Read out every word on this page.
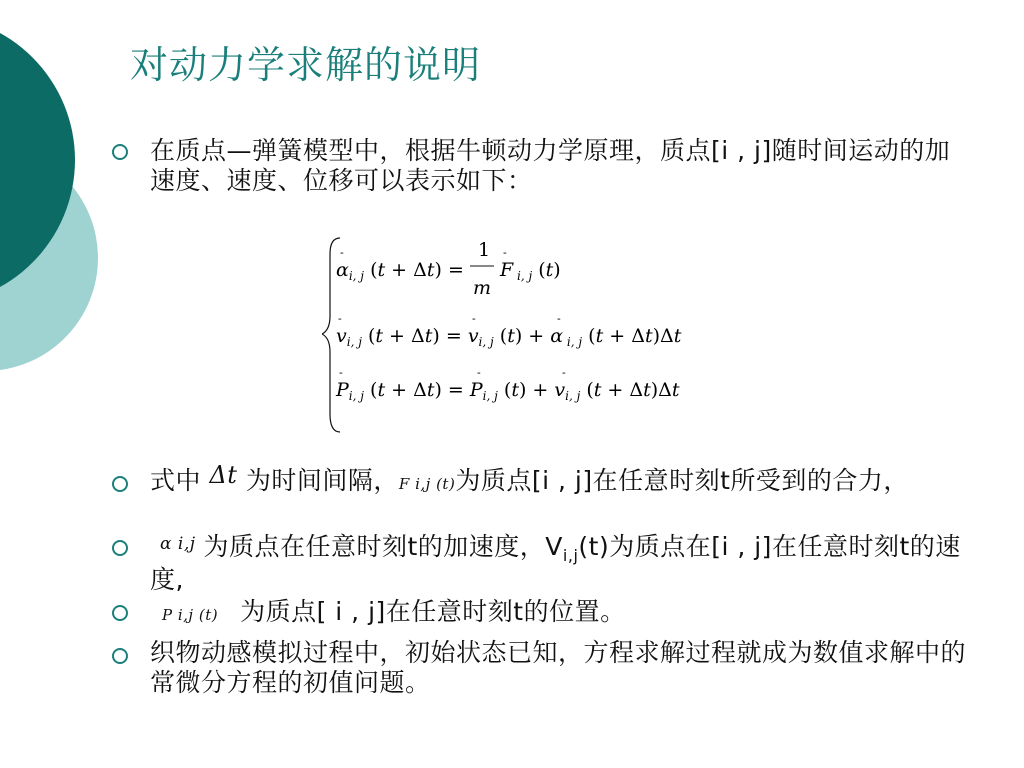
对动力学求解的说明
在质点—弹簧模型中，根据牛顿动力学原理，质点[i , j]随时间运动的加速度、速度、位移可以表示如下：
$\alpha_{i, j}$ (t + Δt) =
1
m
F $_{i, j}$ (t)
-	-
$v_{i, j}$ $(t + \Delta t) = v_{i, j}$ (t) + α $_{i, j}$ (t + Δt)Δt
-	-	-
$P_{i, j}$ $(t + \Delta t) = P_{i, j}$ $(t) + v_{i, j}$ (t + Δt)Δt
-	-	-
式中 Δt 为时间间隔，F i,j (t)为质点[i , j]在任意时刻t所受到的合力，
$^{\alpha i,j}$ 为质点在任意时刻t的加速度，$V_{i,j}(t)$为质点在[i , j]在任意时刻t的速度,
P i,j (t) 为质点[ i , j]在任意时刻t的位置。
织物动感模拟过程中，初始状态已知，方程求解过程就成为数值求解中的常微分方程的初值问题。
